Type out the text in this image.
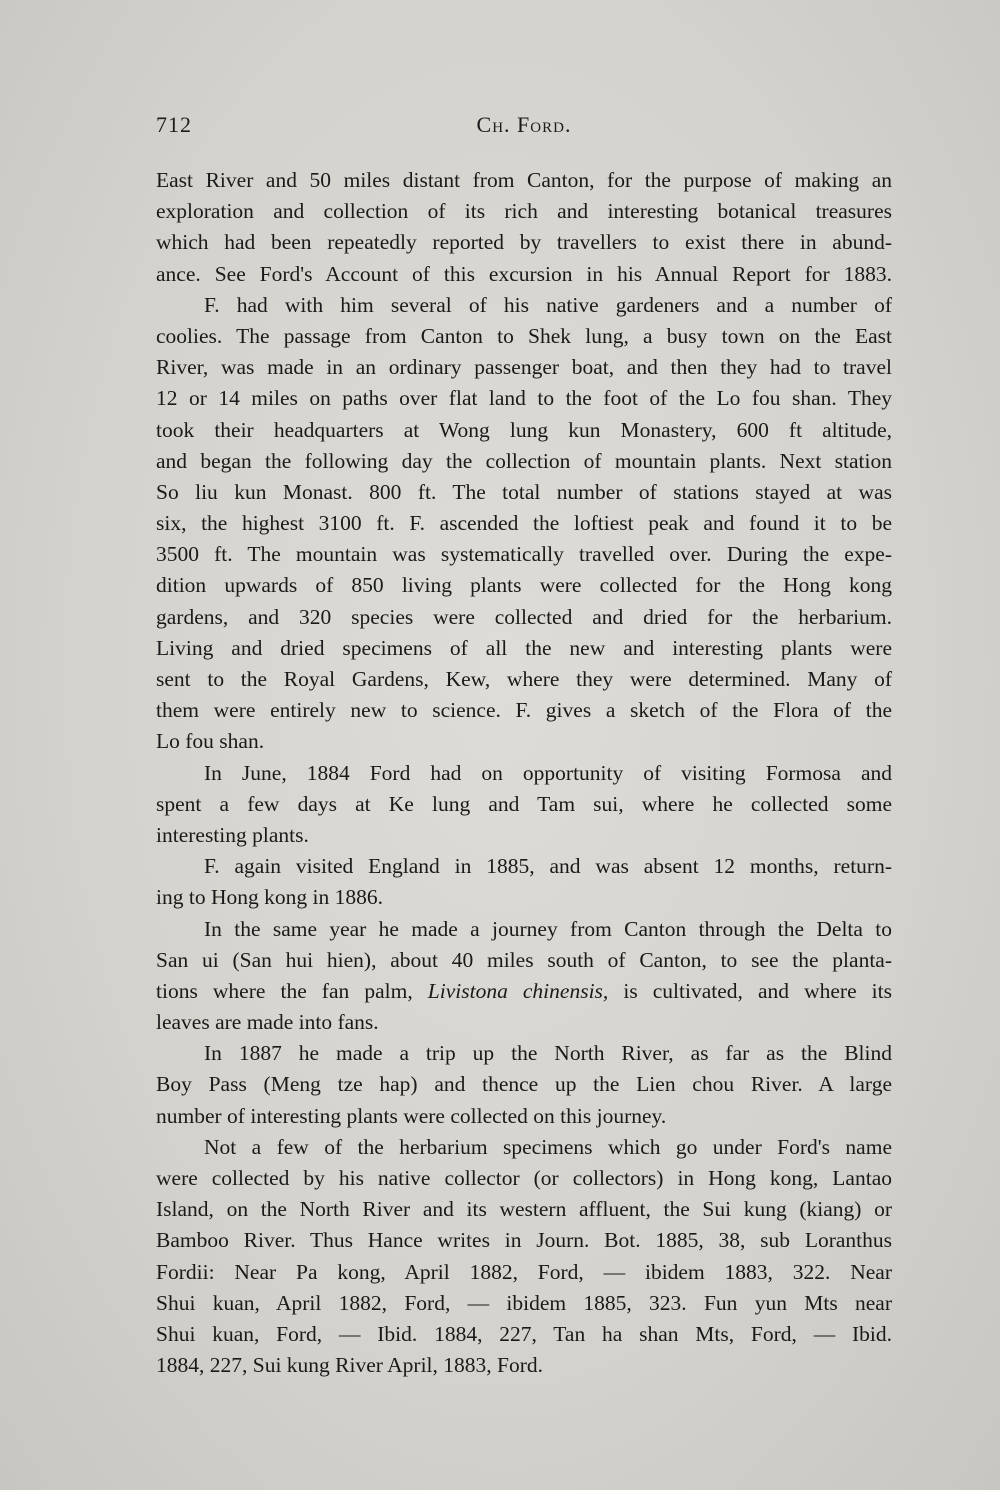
712	Ch. Ford.
East River and 50 miles distant from Canton, for the purpose of making an
exploration and collection of its rich and interesting botanical treasures
which had been repeatedly reported by travellers to exist there in abund-
ance. See Ford's Account of this excursion in his Annual Report for 1883.
F. had with him several of his native gardeners and a number of
coolies. The passage from Canton to Shek lung, a busy town on the East
River, was made in an ordinary passenger boat, and then they had to travel
12 or 14 miles on paths over flat land to the foot of the Lo fou shan. They
took their headquarters at Wong lung kun Monastery, 600 ft altitude,
and began the following day the collection of mountain plants. Next station
So liu kun Monast. 800 ft. The total number of stations stayed at was
six, the highest 3100 ft. F. ascended the loftiest peak and found it to be
3500 ft. The mountain was systematically travelled over. During the expe-
dition upwards of 850 living plants were collected for the Hong kong
gardens, and 320 species were collected and dried for the herbarium.
Living and dried specimens of all the new and interesting plants were
sent to the Royal Gardens, Kew, where they were determined. Many of
them were entirely new to science. F. gives a sketch of the Flora of the
Lo fou shan.
In June, 1884 Ford had on opportunity of visiting Formosa and
spent a few days at Ke lung and Tam sui, where he collected some
interesting plants.
F. again visited England in 1885, and was absent 12 months, return-
ing to Hong kong in 1886.
In the same year he made a journey from Canton through the Delta to
San ui (San hui hien), about 40 miles south of Canton, to see the planta-
tions where the fan palm, Livistona chinensis, is cultivated, and where its
leaves are made into fans.
In 1887 he made a trip up the North River, as far as the Blind
Boy Pass (Meng tze hap) and thence up the Lien chou River. A large
number of interesting plants were collected on this journey.
Not a few of the herbarium specimens which go under Ford's name
were collected by his native collector (or collectors) in Hong kong, Lantao
Island, on the North River and its western affluent, the Sui kung (kiang) or
Bamboo River. Thus Hance writes in Journ. Bot. 1885, 38, sub Loranthus
Fordii: Near Pa kong, April 1882, Ford, — ibidem 1883, 322. Near
Shui kuan, April 1882, Ford, — ibidem 1885, 323. Fun yun Mts near
Shui kuan, Ford, — Ibid. 1884, 227, Tan ha shan Mts, Ford, — Ibid.
1884, 227, Sui kung River April, 1883, Ford.
